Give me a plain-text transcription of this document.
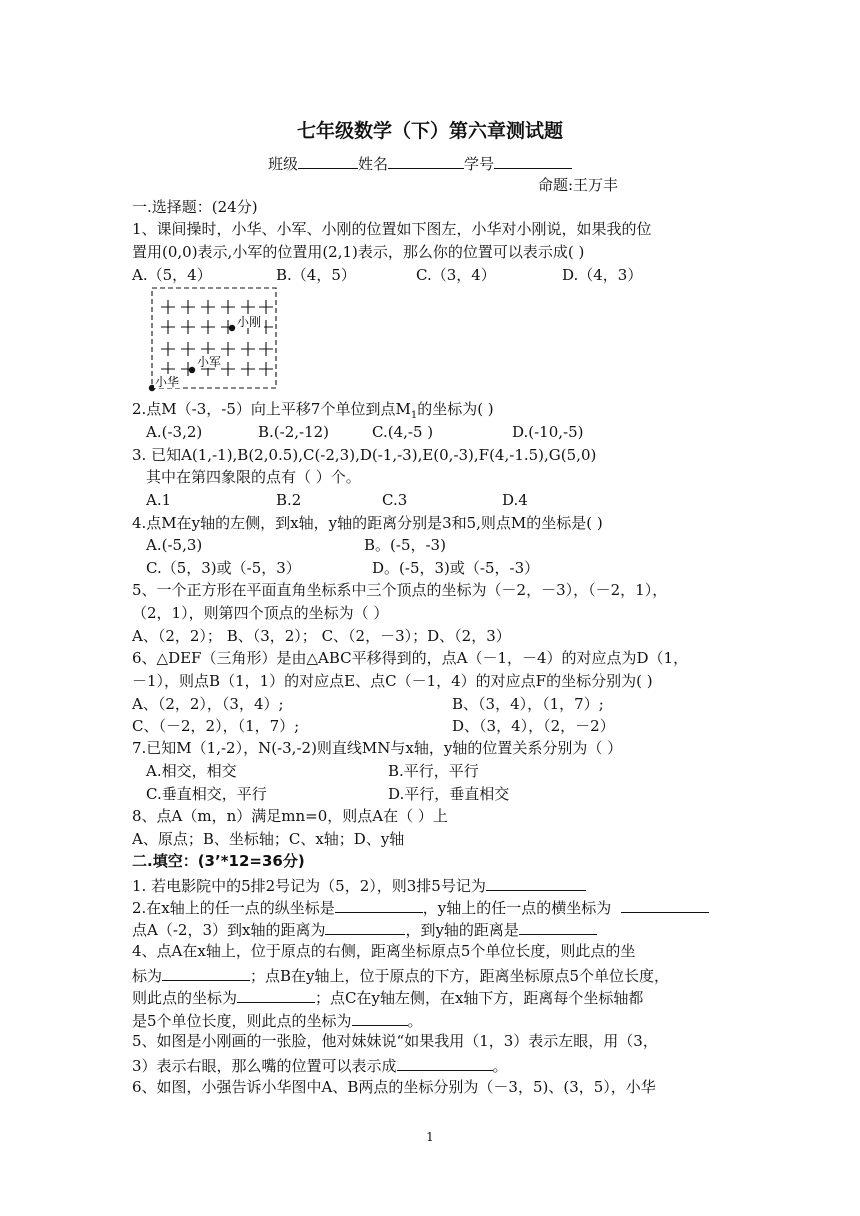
七年级数学（下）第六章测试题
班级	姓名	学号
命题:王万丰
一.选择题：(24分)
1、课间操时，小华、小军、小刚的位置如下图左，小华对小刚说，如果我的位
置用(0,0)表示,小军的位置用(2,1)表示，那么你的位置可以表示成( )
A.（5，4）	B.（4，5）	C.（3，4）	D.（4，3）
小刚
小军
小华
2.点M（-3，-5）向上平移7个单位到点$M_1$的坐标为( )
A.(-3,2)	B.(-2,-12)	C.(4,-5 )	D.(-10,-5)
3. 已知A(1,-1),B(2,0.5),C(-2,3),D(-1,-3),E(0,-3),F(4,-1.5),G(5,0)
其中在第四象限的点有（ ）个。
A.1	B.2	C.3	D.4
4.点M在y轴的左侧，到x轴，y轴的距离分别是3和5,则点M的坐标是( )
A.(-5,3)	B。(-5，-3)
C.（5，3)或（-5，3）	D。(-5，3)或（-5，-3）
5、一个正方形在平面直角坐标系中三个顶点的坐标为（－2，－3），（－2，1），
（2，1），则第四个顶点的坐标为（ ）
A、（2，2）； B、（3，2）； C、（2，－3）；D、（2，3）
6、△DEF（三角形）是由△ABC平移得到的，点A（－1，－4）的对应点为D（1，
－1），则点B（1，1）的对应点E、点C（－1，4）的对应点F的坐标分别为( )
A、（2，2），（3，4）;	B、（3，4），（1，7）;
C、（－2，2），（1，7）;	D、（3，4），（2，－2）
7.已知M（1,-2），N(-3,-2)则直线MN与x轴，y轴的位置关系分别为（ ）
A.相交，相交	B.平行，平行
C.垂直相交，平行	D.平行，垂直相交
8、点A（m，n）满足mn=0，则点A在（ ）上
A、原点；B、坐标轴；C、x轴；D、y轴
二.填空：(3’*12=36分)
1. 若电影院中的5排2号记为（5，2），则3排5号记为
2.在x轴上的任一点的纵坐标是	，y轴上的任一点的横坐标为
点A（-2，3）到x轴的距离为	，到y轴的距离是
4、点A在x轴上，位于原点的右侧，距离坐标原点5个单位长度，则此点的坐
标为	；点B在y轴上，位于原点的下方，距离坐标原点5个单位长度，
则此点的坐标为	；点C在y轴左侧，在x轴下方，距离每个坐标轴都
是5个单位长度，则此点的坐标为	。
5、如图是小刚画的一张脸，他对妹妹说“如果我用（1，3）表示左眼，用（3，
3）表示右眼，那么嘴的位置可以表示成	。
6、如图，小强告诉小华图中A、B两点的坐标分别为（－3，5)、(3，5），小华
1
